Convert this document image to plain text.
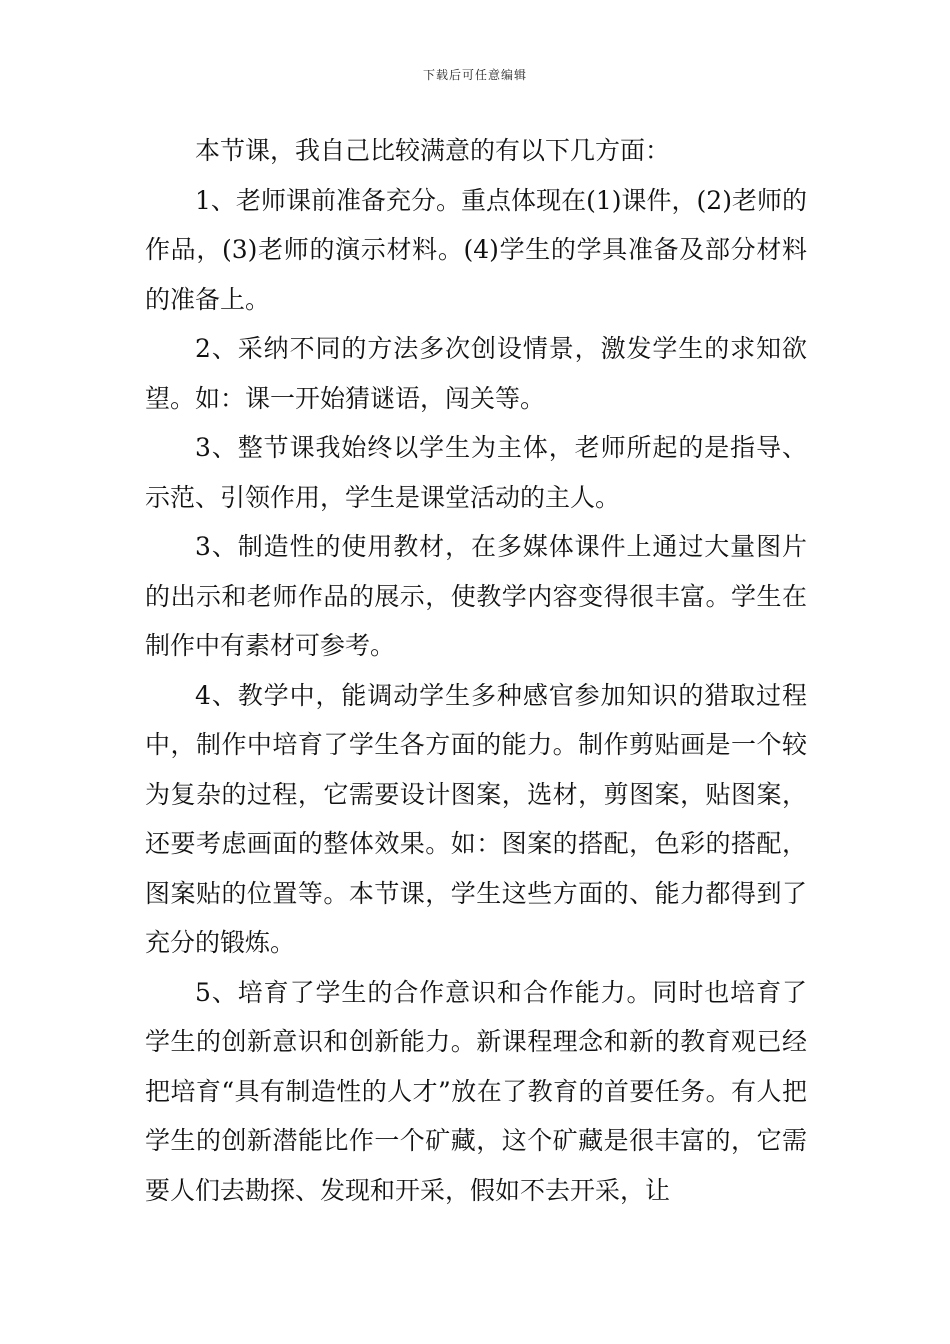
下载后可任意编辑

本节课，我自己比较满意的有以下几方面：

1、老师课前准备充分。重点体现在(1)课件，(2)老师的作品，(3)老师的演示材料。(4)学生的学具准备及部分材料的准备上。

2、采纳不同的方法多次创设情景，激发学生的求知欲望。如：课一开始猜谜语，闯关等。

3、整节课我始终以学生为主体，老师所起的是指导、示范、引领作用，学生是课堂活动的主人。

3、制造性的使用教材，在多媒体课件上通过大量图片的出示和老师作品的展示，使教学内容变得很丰富。学生在制作中有素材可参考。

4、教学中，能调动学生多种感官参加知识的猎取过程中，制作中培育了学生各方面的能力。制作剪贴画是一个较为复杂的过程，它需要设计图案，选材，剪图案，贴图案，还要考虑画面的整体效果。如：图案的搭配，色彩的搭配，图案贴的位置等。本节课，学生这些方面的、能力都得到了充分的锻炼。

5、培育了学生的合作意识和合作能力。同时也培育了学生的创新意识和创新能力。新课程理念和新的教育观已经把培育“具有制造性的人才”放在了教育的首要任务。有人把学生的创新潜能比作一个矿藏，这个矿藏是很丰富的，它需要人们去勘探、发现和开采，假如不去开采，让
